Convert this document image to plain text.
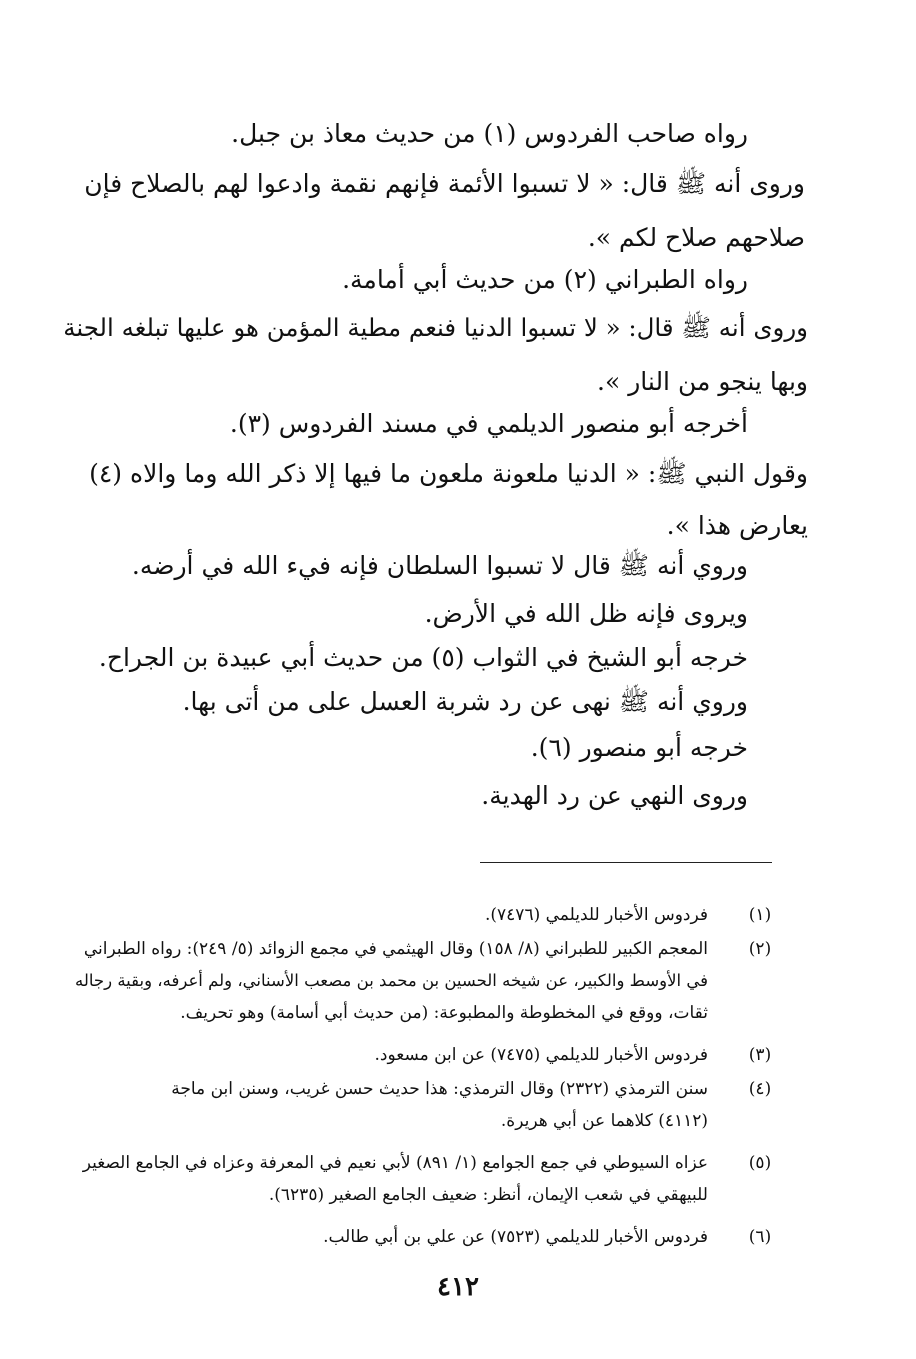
رواه صاحب الفردوس (١) من حديث معاذ بن جبل.
وروى أنه ﷺ قال: « لا تسبوا الأئمة فإنهم نقمة وادعوا لهم بالصلاح فإن
صلاحهم صلاح لكم ».
رواه الطبراني (٢) من حديث أبي أمامة.
وروى أنه ﷺ قال: « لا تسبوا الدنيا فنعم مطية المؤمن هو عليها تبلغه الجنة
وبها ينجو من النار ».
أخرجه أبو منصور الديلمي في مسند الفردوس (٣).
وقول النبي ﷺ: « الدنيا ملعونة ملعون ما فيها إلا ذكر الله وما والاه (٤)
يعارض هذا ».
وروي أنه ﷺ قال لا تسبوا السلطان فإنه فيء الله في أرضه.
ويروى فإنه ظل الله في الأرض.
خرجه أبو الشيخ في الثواب (٥) من حديث أبي عبيدة بن الجراح.
وروي أنه ﷺ نهى عن رد شربة العسل على من أتى بها.
خرجه أبو منصور (٦).
وروى النهي عن رد الهدية.
(١)
فردوس الأخبار للديلمي (٧٤٧٦).
(٢)
المعجم الكبير للطبراني (٨/ ١٥٨) وقال الهيثمي في مجمع الزوائد (٥/ ٢٤٩): رواه الطبراني
في الأوسط والكبير، عن شيخه الحسين بن محمد بن مصعب الأسناني، ولم أعرفه، وبقية رجاله
ثقات، ووقع في المخطوطة والمطبوعة: (من حديث أبي أسامة) وهو تحريف.
(٣)
فردوس الأخبار للديلمي (٧٤٧٥) عن ابن مسعود.
(٤)
سنن الترمذي (٢٣٢٢) وقال الترمذي: هذا حديث حسن غريب، وسنن ابن ماجة
(٤١١٢) كلاهما عن أبي هريرة.
(٥)
عزاه السيوطي في جمع الجوامع (١/ ٨٩١) لأبي نعيم في المعرفة وعزاه في الجامع الصغير
للبيهقي في شعب الإيمان، أنظر: ضعيف الجامع الصغير (٦٢٣٥).
(٦)
فردوس الأخبار للديلمي (٧٥٢٣) عن علي بن أبي طالب.
٤١٢
